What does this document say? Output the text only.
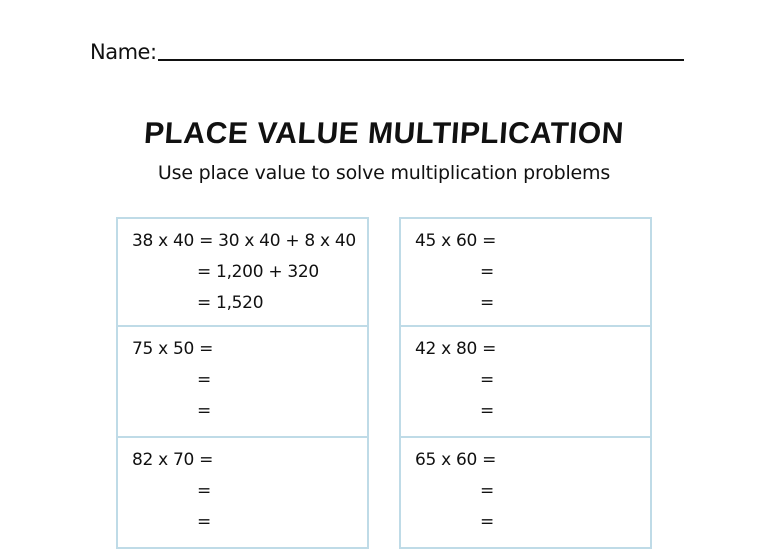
Name:
PLACE VALUE MULTIPLICATION
Use place value to solve multiplication problems
38 x 40 = 30 x 40 + 8 x 40
= 1,200 + 320
= 1,520
75 x 50 =
=
=
82 x 70 =
=
=
45 x 60 =
=
=
42 x 80 =
=
=
65 x 60 =
=
=
